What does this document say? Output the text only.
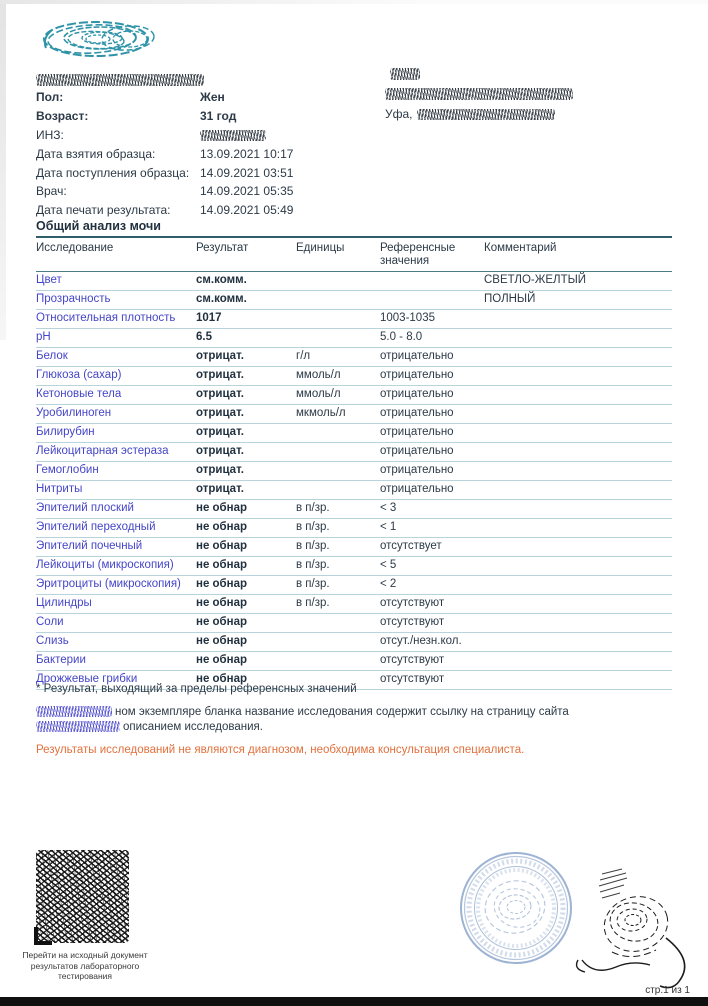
Пол:	Жен
Возраст:	31 год
ИНЗ:
Дата взятия образца:	13.09.2021 10:17
Дата поступления образца: 14.09.2021 03:51
Врач:	14.09.2021 05:35
Дата печати результата:	14.09.2021 05:49
Уфа,
Общий анализ мочи
Исследование	Результат	Единицы	Референсные значения	Комментарий
Цвет	см.комм.			СВЕТЛО-ЖЕЛТЫЙ
Прозрачность	см.комм.			ПОЛНЫЙ
Относительная плотность	1017		1003-1035	
pH	6.5		5.0 - 8.0	
Белок	отрицат.	г/л	отрицательно	
Глюкоза (сахар)	отрицат.	ммоль/л	отрицательно	
Кетоновые тела	отрицат.	ммоль/л	отрицательно	
Уробилиноген	отрицат.	мкмоль/л	отрицательно	
Билирубин	отрицат.		отрицательно	
Лейкоцитарная эстераза	отрицат.		отрицательно	
Гемоглобин	отрицат.		отрицательно	
Нитриты	отрицат.		отрицательно	
Эпителий плоский	не обнар	в п/зр.	< 3	
Эпителий переходный	не обнар	в п/зр.	< 1	
Эпителий почечный	не обнар	в п/зр.	отсутствует	
Лейкоциты (микроскопия)	не обнар	в п/зр.	< 5	
Эритроциты (микроскопия)	не обнар	в п/зр.	< 2	
Цилиндры	не обнар	в п/зр.	отсутствуют	
Соли	не обнар		отсутствуют	
Слизь	не обнар		отсут./незн.кол.	
Бактерии	не обнар		отсутствуют	
Дрожжевые грибки	не обнар		отсутствуют	
* Результат, выходящий за пределы референсных значений
ном экземпляре бланка название исследования содержит ссылку на страницу сайта
описанием исследования.
Результаты исследований не являются диагнозом, необходима консультация специалиста.
Перейти на исходный документ результатов лабораторного тестирования
стр.1 из 1
